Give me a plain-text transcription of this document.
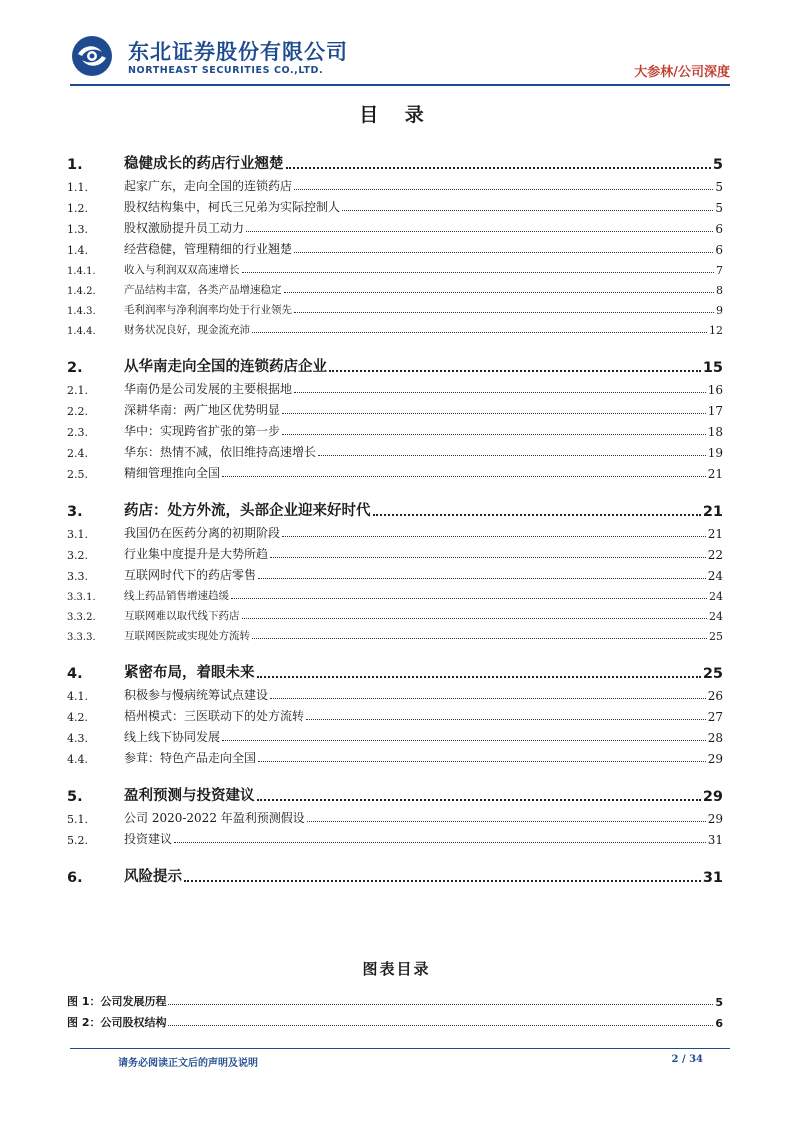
东北证券股份有限公司
NORTHEAST SECURITIES CO.,LTD.	大参林/公司深度
目 录
1.	稳健成长的药店行业翘楚	5
1.1.	起家广东，走向全国的连锁药店	5
1.2.	股权结构集中，柯氏三兄弟为实际控制人	5
1.3.	股权激励提升员工动力	6
1.4.	经营稳健，管理精细的行业翘楚	6
1.4.1.	收入与利润双双高速增长	7
1.4.2.	产品结构丰富，各类产品增速稳定	8
1.4.3.	毛利润率与净利润率均处于行业领先	9
1.4.4.	财务状况良好，现金流充沛	12
2.	从华南走向全国的连锁药店企业	15
2.1.	华南仍是公司发展的主要根据地	16
2.2.	深耕华南：两广地区优势明显	17
2.3.	华中：实现跨省扩张的第一步	18
2.4.	华东：热情不减，依旧维持高速增长	19
2.5.	精细管理推向全国	21
3.	药店：处方外流，头部企业迎来好时代	21
3.1.	我国仍在医药分离的初期阶段	21
3.2.	行业集中度提升是大势所趋	22
3.3.	互联网时代下的药店零售	24
3.3.1.	线上药品销售增速趋缓	24
3.3.2.	互联网难以取代线下药店	24
3.3.3.	互联网医院或实现处方流转	25
4.	紧密布局，着眼未来	25
4.1.	积极参与慢病统筹试点建设	26
4.2.	梧州模式：三医联动下的处方流转	27
4.3.	线上线下协同发展	28
4.4.	参茸：特色产品走向全国	29
5.	盈利预测与投资建议	29
5.1.	公司 2020-2022 年盈利预测假设	29
5.2.	投资建议	31
6.	风险提示	31
图表目录
图 1：公司发展历程	5
图 2：公司股权结构	6
请务必阅读正文后的声明及说明	2 / 34
